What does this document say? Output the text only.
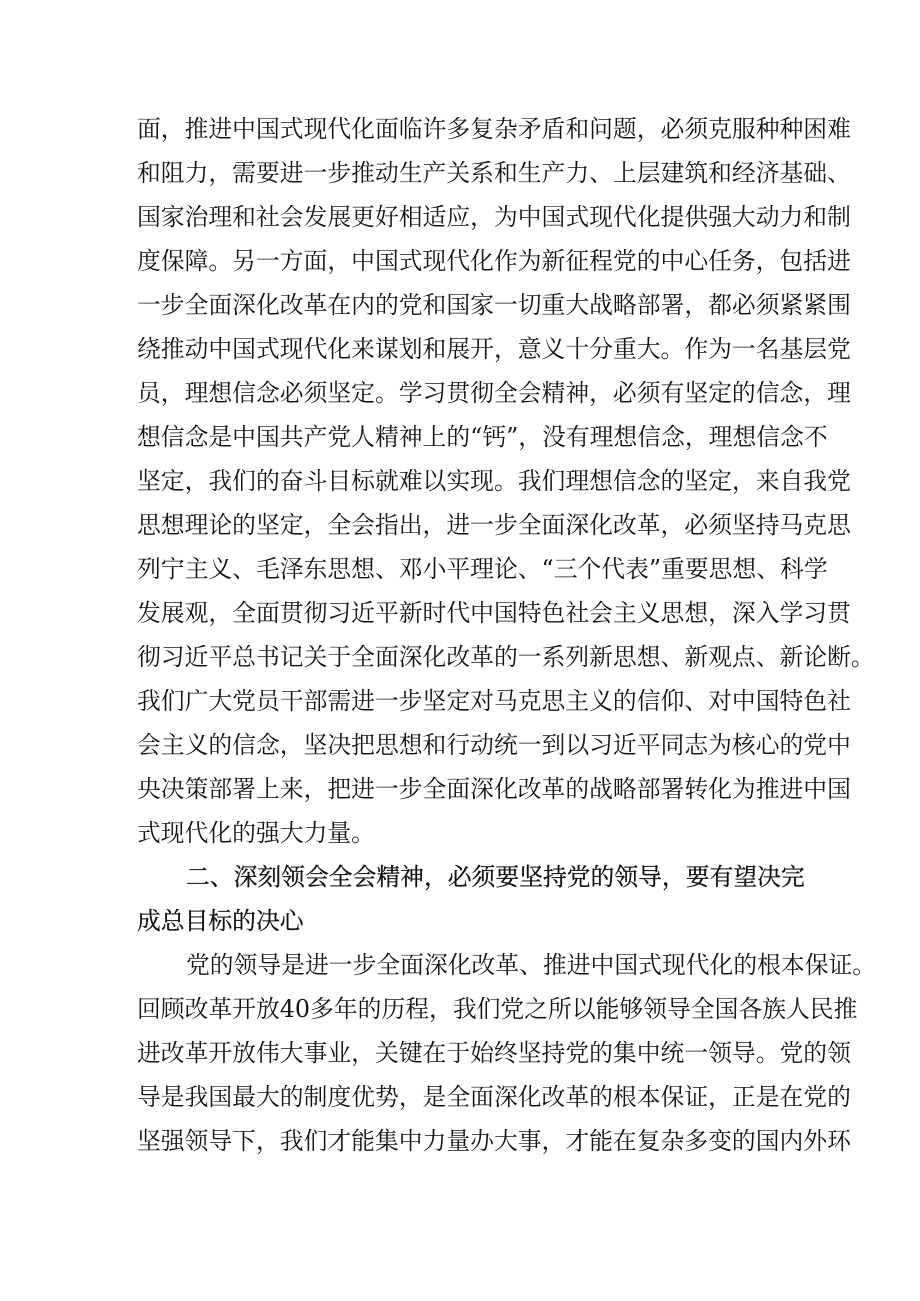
面，推进中国式现代化面临许多复杂矛盾和问题，必须克服种种困难
和阻力，需要进一步推动生产关系和生产力、上层建筑和经济基础、
国家治理和社会发展更好相适应，为中国式现代化提供强大动力和制
度保障。另一方面，中国式现代化作为新征程党的中心任务，包括进
一步全面深化改革在内的党和国家一切重大战略部署，都必须紧紧围
绕推动中国式现代化来谋划和展开，意义十分重大。作为一名基层党
员，理想信念必须坚定。学习贯彻全会精神，必须有坚定的信念，理
想信念是中国共产党人精神上的“钙”，没有理想信念，理想信念不
坚定，我们的奋斗目标就难以实现。我们理想信念的坚定，来自我党
思想理论的坚定，全会指出，进一步全面深化改革，必须坚持马克思
列宁主义、毛泽东思想、邓小平理论、“三个代表”重要思想、科学
发展观，全面贯彻习近平新时代中国特色社会主义思想，深入学习贯
彻习近平总书记关于全面深化改革的一系列新思想、新观点、新论断。
我们广大党员干部需进一步坚定对马克思主义的信仰、对中国特色社
会主义的信念，坚决把思想和行动统一到以习近平同志为核心的党中
央决策部署上来，把进一步全面深化改革的战略部署转化为推进中国
式现代化的强大力量。
二、深刻领会全会精神，必须要坚持党的领导，要有望决完
成总目标的决心
党的领导是进一步全面深化改革、推进中国式现代化的根本保证。
回顾改革开放40多年的历程，我们党之所以能够领导全国各族人民推
进改革开放伟大事业，关键在于始终坚持党的集中统一领导。党的领
导是我国最大的制度优势，是全面深化改革的根本保证，正是在党的
坚强领导下，我们才能集中力量办大事，才能在复杂多变的国内外环
